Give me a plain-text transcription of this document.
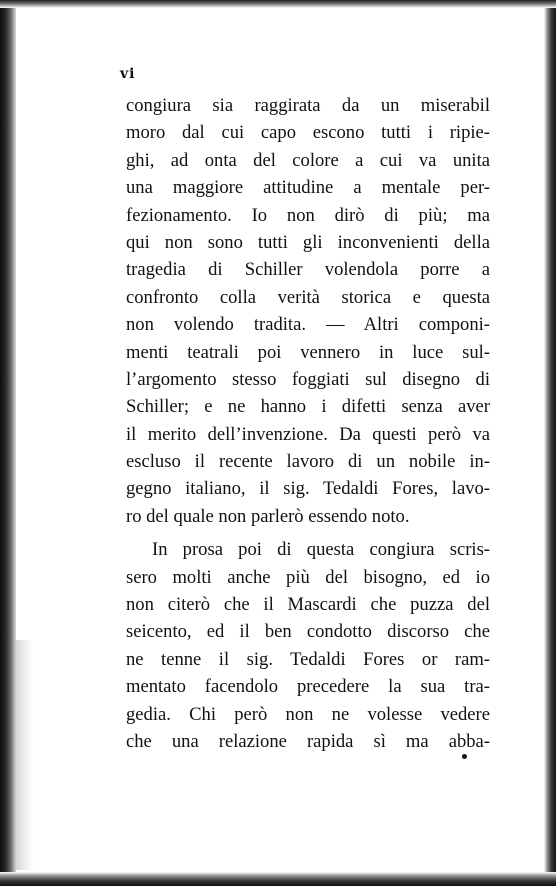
vi
congiura sia raggirata da un miserabil
moro dal cui capo escono tutti i ripie-
ghi, ad onta del colore a cui va unita
una maggiore attitudine a mentale per-
fezionamento. Io non dirò di più; ma
qui non sono tutti gli inconvenienti della
tragedia di Schiller volendola porre a
confronto colla verità storica e questa
non volendo tradita. — Altri componi-
menti teatrali poi vennero in luce sul-
l’argomento stesso foggiati sul disegno di
Schiller; e ne hanno i difetti senza aver
il merito dell’invenzione. Da questi però va
escluso il recente lavoro di un nobile in-
gegno italiano, il sig. Tedaldi Fores, lavo-
ro del quale non parlerò essendo noto.
In prosa poi di questa congiura scris-
sero molti anche più del bisogno, ed io
non citerò che il Mascardi che puzza del
seicento, ed il ben condotto discorso che
ne tenne il sig. Tedaldi Fores or ram-
mentato facendolo precedere la sua tra-
gedia. Chi però non ne volesse vedere
che una relazione rapida sì ma abba-
